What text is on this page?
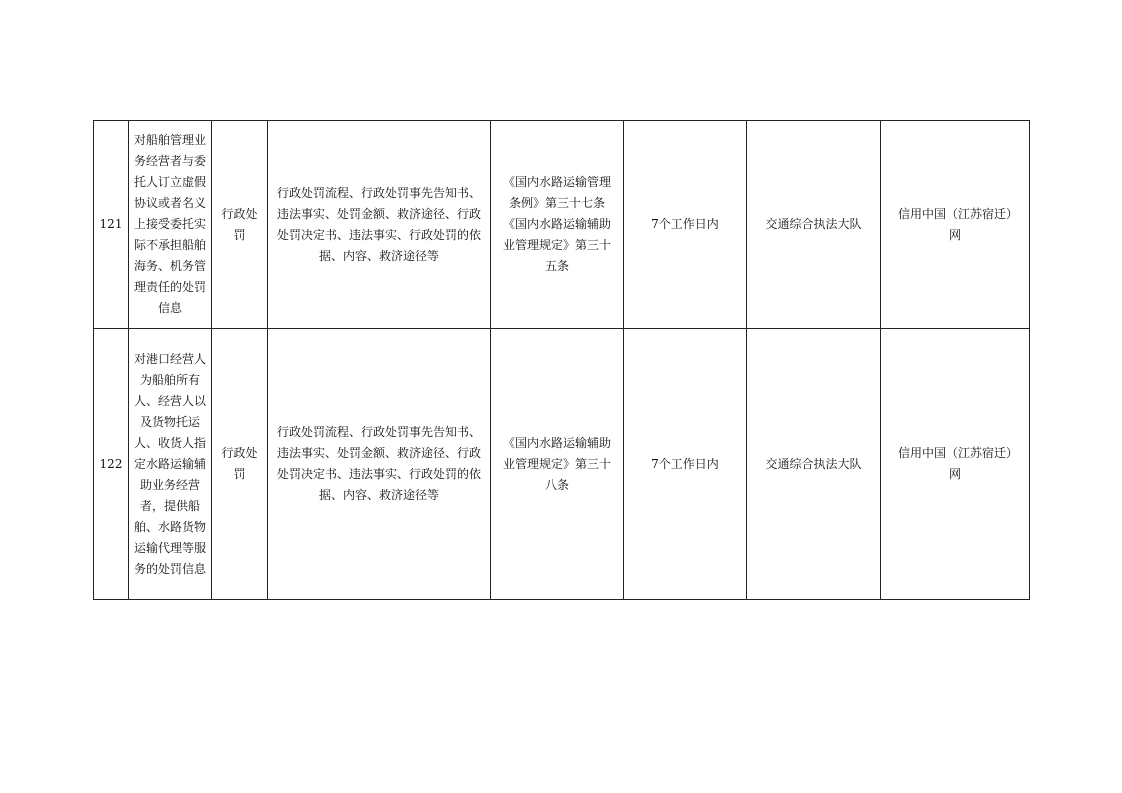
121	对船舶管理业务经营者与委托人订立虚假协议或者名义上接受委托实际不承担船舶海务、机务管理责任的处罚信息	行政处罚	行政处罚流程、行政处罚事先告知书、违法事实、处罚金额、救济途径、行政处罚决定书、违法事实、行政处罚的依据、内容、救济途径等	《国内水路运输管理条例》第三十七条《国内水路运输辅助业管理规定》第三十五条	7个工作日内	交通综合执法大队	信用中国（江苏宿迁）网

122	对港口经营人为船舶所有人、经营人以及货物托运人、收货人指定水路运输辅助业务经营者，提供船舶、水路货物运输代理等服务的处罚信息	行政处罚	行政处罚流程、行政处罚事先告知书、违法事实、处罚金额、救济途径、行政处罚决定书、违法事实、行政处罚的依据、内容、救济途径等	《国内水路运输辅助业管理规定》第三十八条	7个工作日内	交通综合执法大队	信用中国（江苏宿迁）网
